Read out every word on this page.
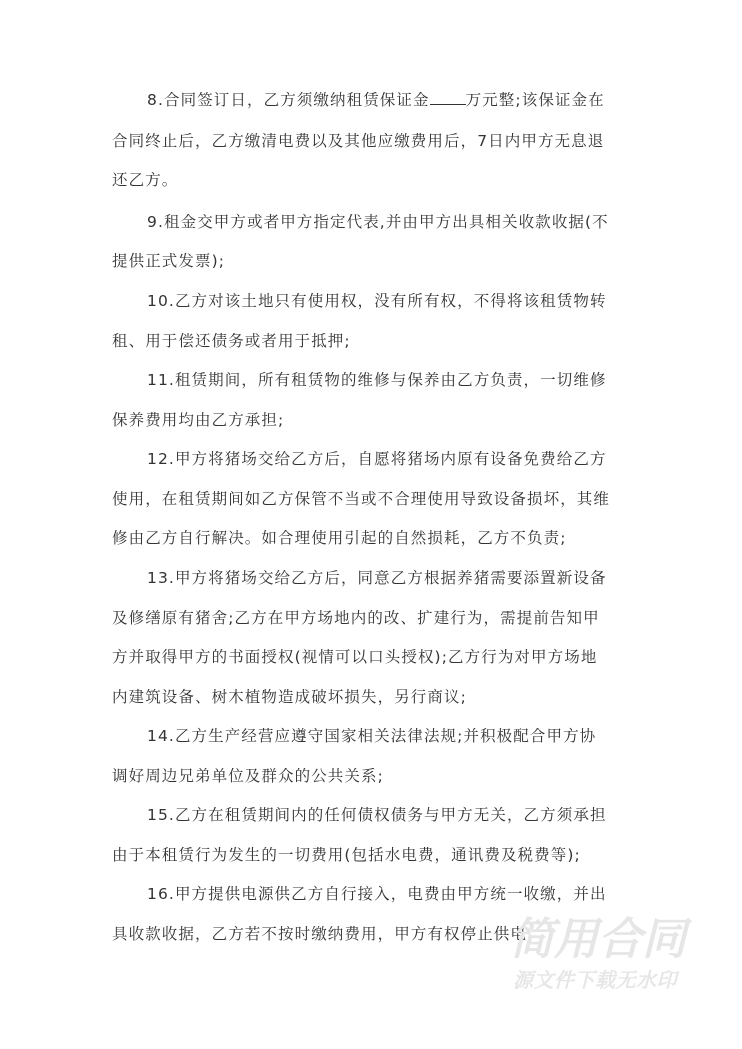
8.合同签订日，乙方须缴纳租赁保证金 万元整;该保证金在
合同终止后，乙方缴清电费以及其他应缴费用后，7日内甲方无息退
还乙方。
9.租金交甲方或者甲方指定代表,并由甲方出具相关收款收据(不
提供正式发票);
10.乙方对该土地只有使用权，没有所有权，不得将该租赁物转
租、用于偿还债务或者用于抵押;
11.租赁期间，所有租赁物的维修与保养由乙方负责，一切维修
保养费用均由乙方承担;
12.甲方将猪场交给乙方后，自愿将猪场内原有设备免费给乙方
使用，在租赁期间如乙方保管不当或不合理使用导致设备损坏，其维
修由乙方自行解决。如合理使用引起的自然损耗，乙方不负责;
13.甲方将猪场交给乙方后，同意乙方根据养猪需要添置新设备
及修缮原有猪舍;乙方在甲方场地内的改、扩建行为，需提前告知甲
方并取得甲方的书面授权(视情可以口头授权);乙方行为对甲方场地
内建筑设备、树木植物造成破坏损失，另行商议;
14.乙方生产经营应遵守国家相关法律法规;并积极配合甲方协
调好周边兄弟单位及群众的公共关系;
15.乙方在租赁期间内的任何债权债务与甲方无关，乙方须承担
由于本租赁行为发生的一切费用(包括水电费，通讯费及税费等);
16.甲方提供电源供乙方自行接入，电费由甲方统一收缴，并出
具收款收据，乙方若不按时缴纳费用，甲方有权停止供电;
简用合同
源文件下载无水印
